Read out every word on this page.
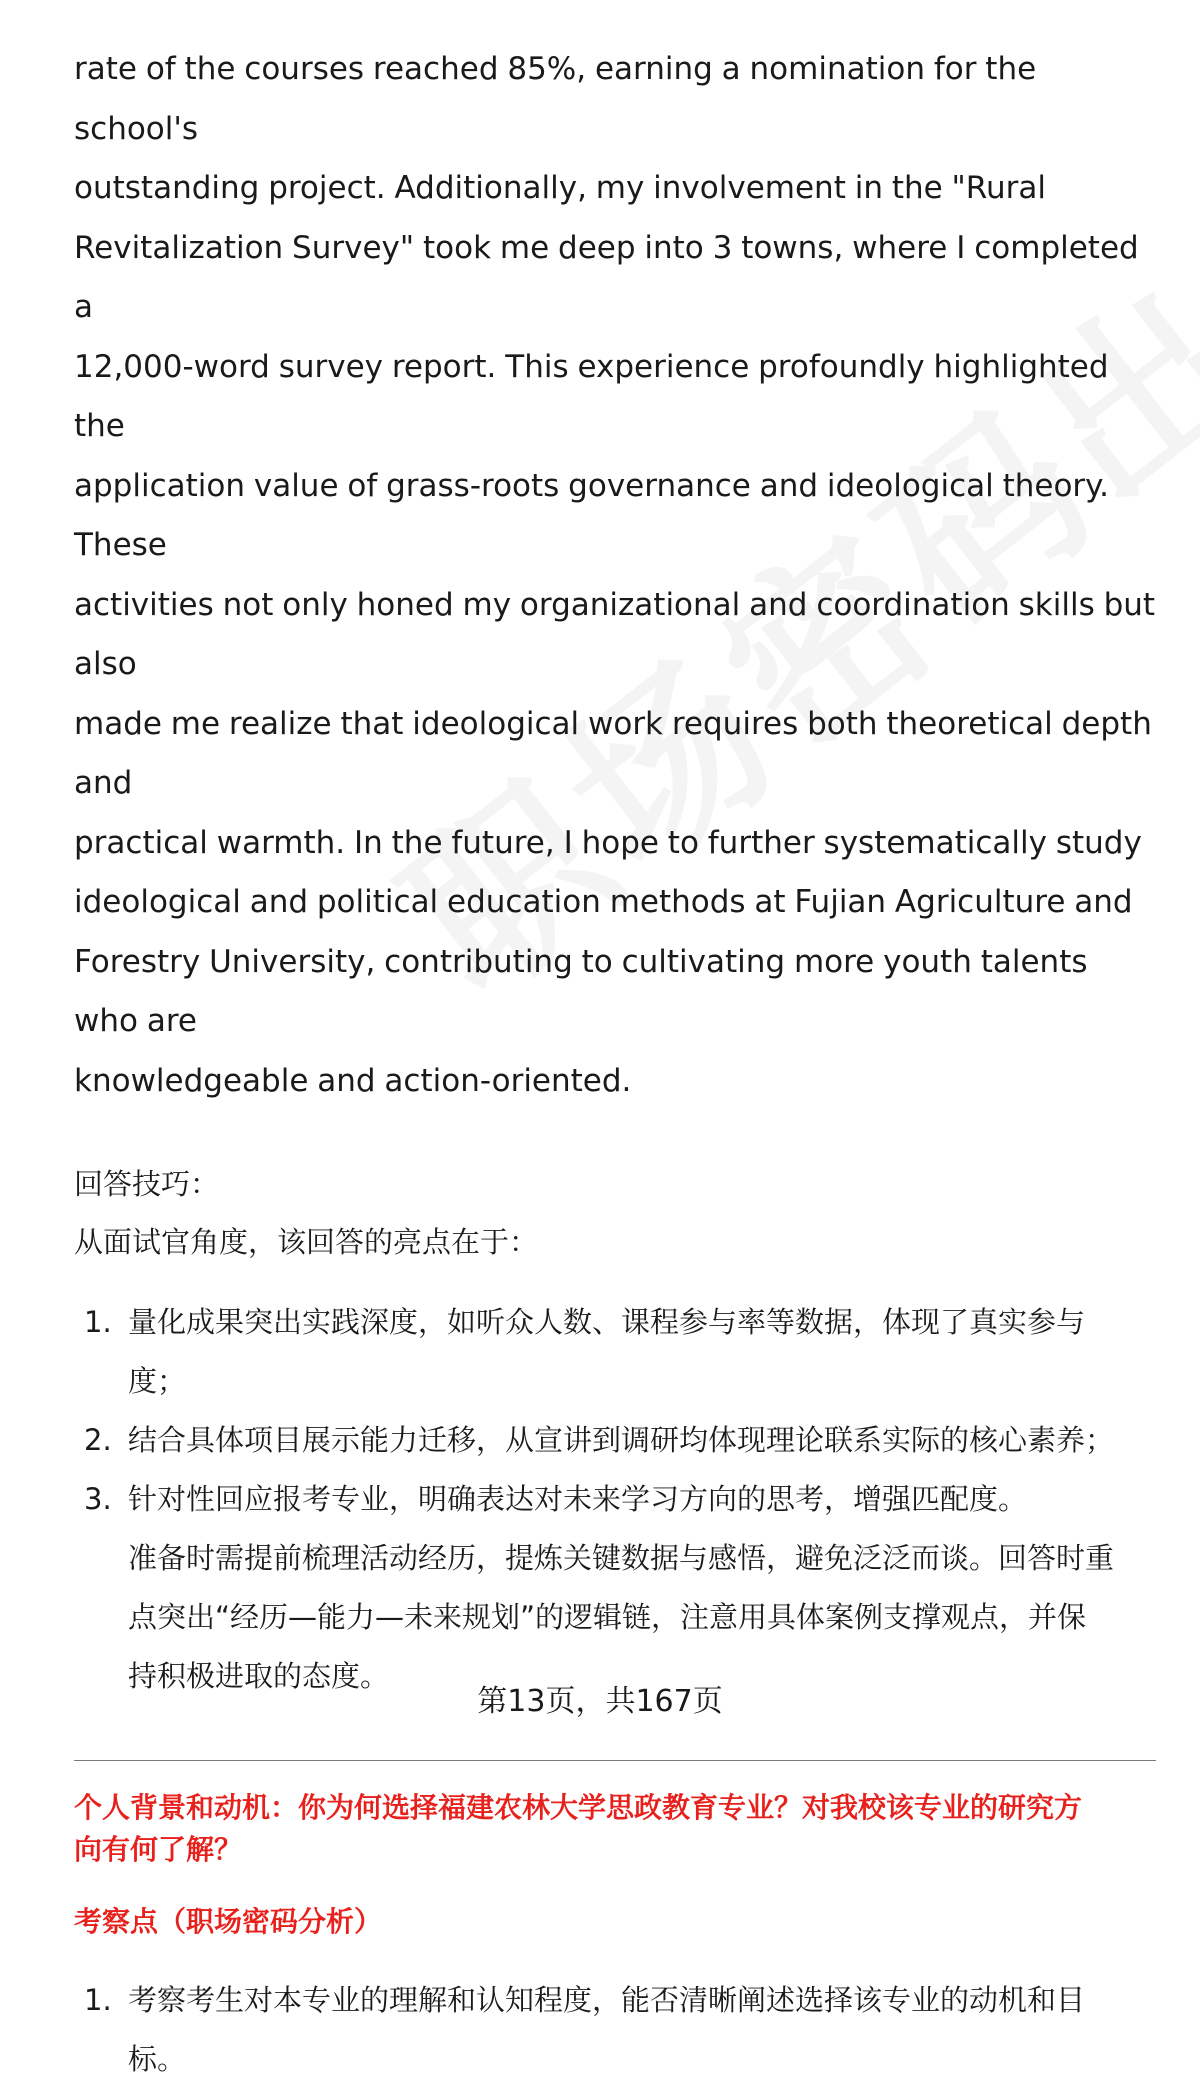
rate of the courses reached 85%, earning a nomination for the school's

outstanding project. Additionally, my involvement in the "Rural

Revitalization Survey" took me deep into 3 towns, where I completed a

12,000-word survey report. This experience profoundly highlighted the

application value of grass-roots governance and ideological theory. These

activities not only honed my organizational and coordination skills but also

made me realize that ideological work requires both theoretical depth and

practical warmth. In the future, I hope to further systematically study

ideological and political education methods at Fujian Agriculture and

Forestry University, contributing to cultivating more youth talents who are

knowledgeable and action-oriented.

回答技巧：

从面试官角度，该回答的亮点在于：

1. 量化成果突出实践深度，如听众人数、课程参与率等数据，体现了真实参与
度；
2. 结合具体项目展示能力迁移，从宣讲到调研均体现理论联系实际的核心素养；
3. 针对性回应报考专业，明确表达对未来学习方向的思考，增强匹配度。

准备时需提前梳理活动经历，提炼关键数据与感悟，避免泛泛而谈。回答时重

点突出“经历—能力—未来规划”的逻辑链，注意用具体案例支撑观点，并保

持积极进取的态度。

个人背景和动机：你为何选择福建农林大学思政教育专业？对我校该专业的研究方

向有何了解？

考察点（职场密码分析）

1. 考察考生对本专业的理解和认知程度，能否清晰阐述选择该专业的动机和目
标。
第13页，共167页
